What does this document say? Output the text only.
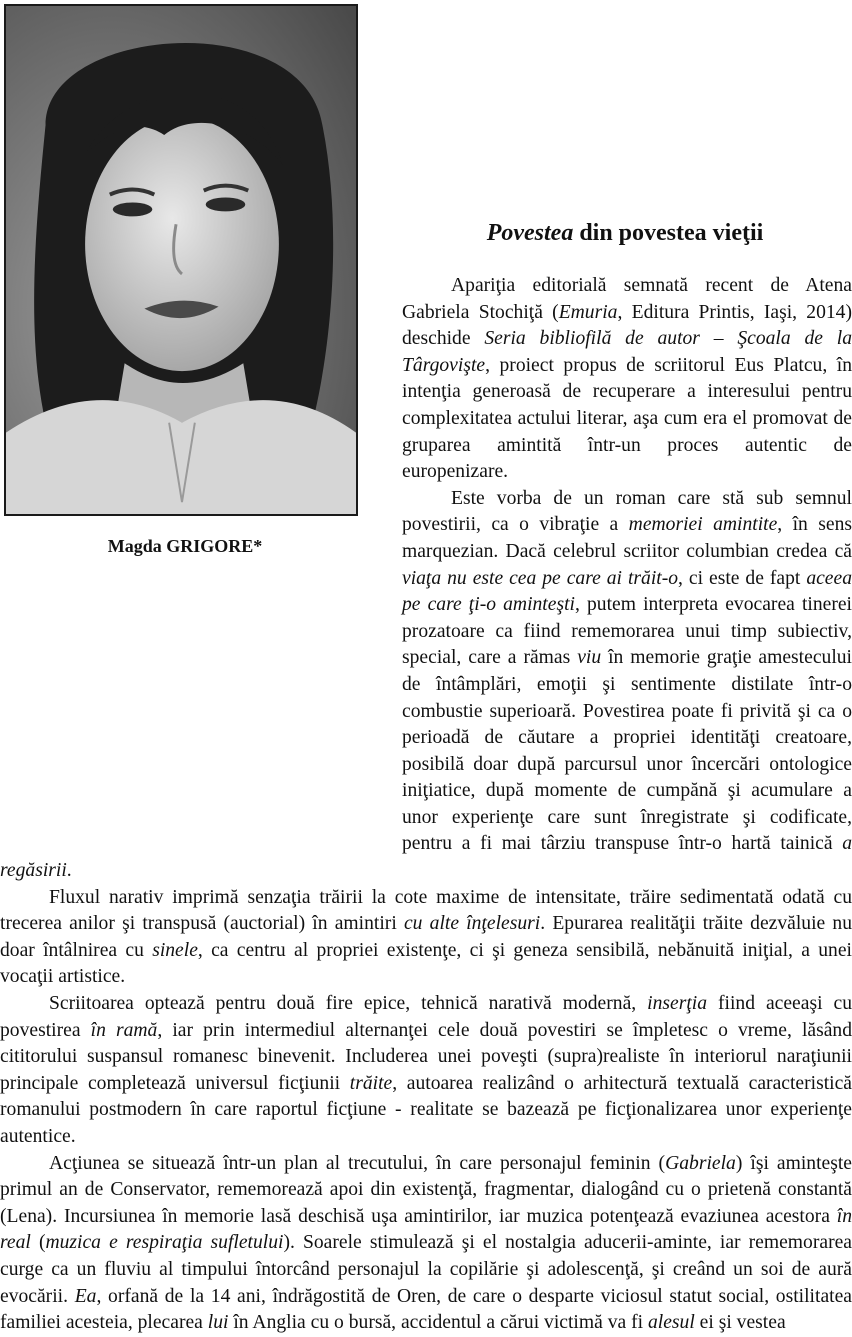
Magda GRIGORE*
Povestea din povestea vieţii

Apariţia editorială semnată recent de Atena Gabriela Stochiţă (Emuria, Editura Printis, Iaşi, 2014) deschide Seria bibliofilă de autor – Şcoala de la Târgovişte, proiect propus de scriitorul Eus Platcu, în intenţia generoasă de recuperare a interesului pentru complexitatea actului literar, aşa cum era el promovat de gruparea amintită într-un proces autentic de europenizare.

Este vorba de un roman care stă sub semnul povestirii, ca o vibraţie a memoriei amintite, în sens marquezian. Dacă celebrul scriitor columbian credea că viaţa nu este cea pe care ai trăit-o, ci este de fapt aceea pe care ţi-o aminteşti, putem interpreta evocarea tinerei prozatoare ca fiind rememorarea unui timp subiectiv, special, care a rămas viu în memorie graţie amestecului de întâmplări, emoţii şi sentimente distilate într-o combustie superioară. Povestirea poate fi privită şi ca o perioadă de căutare a propriei identităţi creatoare, posibilă doar după parcursul unor încercări ontologice iniţiatice, după momente de cumpănă şi acumulare a unor experienţe care sunt înregistrate şi codificate, pentru a fi mai târziu transpuse într-o hartă tainică a regăsirii.

Fluxul narativ imprimă senzaţia trăirii la cote maxime de intensitate, trăire sedimentată odată cu trecerea anilor şi transpusă (auctorial) în amintiri cu alte înţelesuri. Epurarea realităţii trăite dezvăluie nu doar întâlnirea cu sinele, ca centru al propriei existenţe, ci şi geneza sensibilă, nebănuită iniţial, a unei vocaţii artistice.

Scriitoarea optează pentru două fire epice, tehnică narativă modernă, inserţia fiind aceeaşi cu povestirea în ramă, iar prin intermediul alternanţei cele două povestiri se împletesc o vreme, lăsând cititorului suspansul romanesc binevenit. Includerea unei poveşti (supra)realiste în interiorul naraţiunii principale completează universul ficţiunii trăite, autoarea realizând o arhitectură textuală caracteristică romanului postmodern în care raportul ficţiune - realitate se bazează pe ficţionalizarea unor experienţe autentice.

Acţiunea se situează într-un plan al trecutului, în care personajul feminin (Gabriela) îşi aminteşte primul an de Conservator, rememorează apoi din existenţă, fragmentar, dialogând cu o prietenă constantă (Lena). Incursiunea în memorie lasă deschisă uşa amintirilor, iar muzica potenţează evaziunea acestora în real (muzica e respiraţia sufletului). Soarele stimulează şi el nostalgia aducerii-aminte, iar rememorarea curge ca un fluviu al timpului întorcând personajul la copilărie şi adolescenţă, şi creând un soi de aură evocării. Ea, orfană de la 14 ani, îndrăgostită de Oren, de care o desparte viciosul statut social, ostilitatea familiei acesteia, plecarea lui în Anglia cu o bursă, accidentul a cărui victimă va fi alesul ei şi vestea
